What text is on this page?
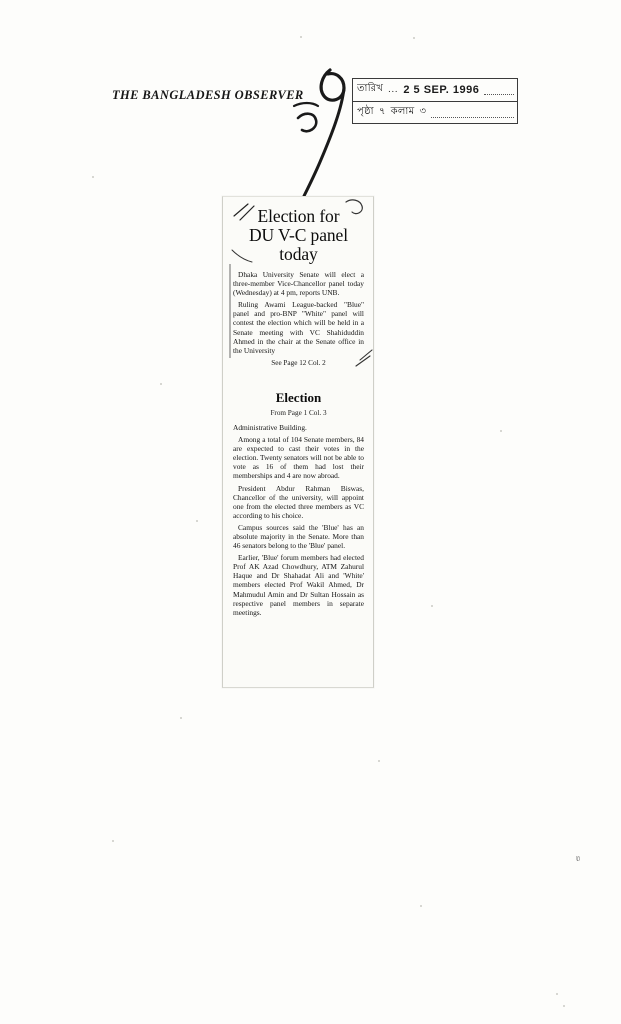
ʋ
THE BANGLADESH OBSERVER	তারিখ ... 2 5 SEP. 1996
পৃষ্ঠা ৭ কলাম ৩
Election for
DU V-C panel
today

Dhaka University Senate will elect a three-member Vice-Chancellor panel today (Wednesday) at 4 pm, reports UNB.

Ruling Awami League-backed "Blue" panel and pro-BNP "White" panel will contest the election which will be held in a Senate meeting with VC Shahiduddin Ahmed in the chair at the Senate office in the University

See Page 12 Col. 2
Election
From Page 1 Col. 3

Administrative Building.

Among a total of 104 Senate members, 84 are expected to cast their votes in the election. Twenty senators will not be able to vote as 16 of them had lost their memberships and 4 are now abroad.

President Abdur Rahman Biswas, Chancellor of the university, will appoint one from the elected three members as VC according to his choice.

Campus sources said the 'Blue' has an absolute majority in the Senate. More than 46 senators belong to the 'Blue' panel.

Earlier, 'Blue' forum members had elected Prof AK Azad Chowdhury, ATM Zahurul Haque and Dr Shahadat Ali and 'White' members elected Prof Wakil Ahmed, Dr Mahmudul Amin and Dr Sultan Hossain as respective panel members in separate meetings.
